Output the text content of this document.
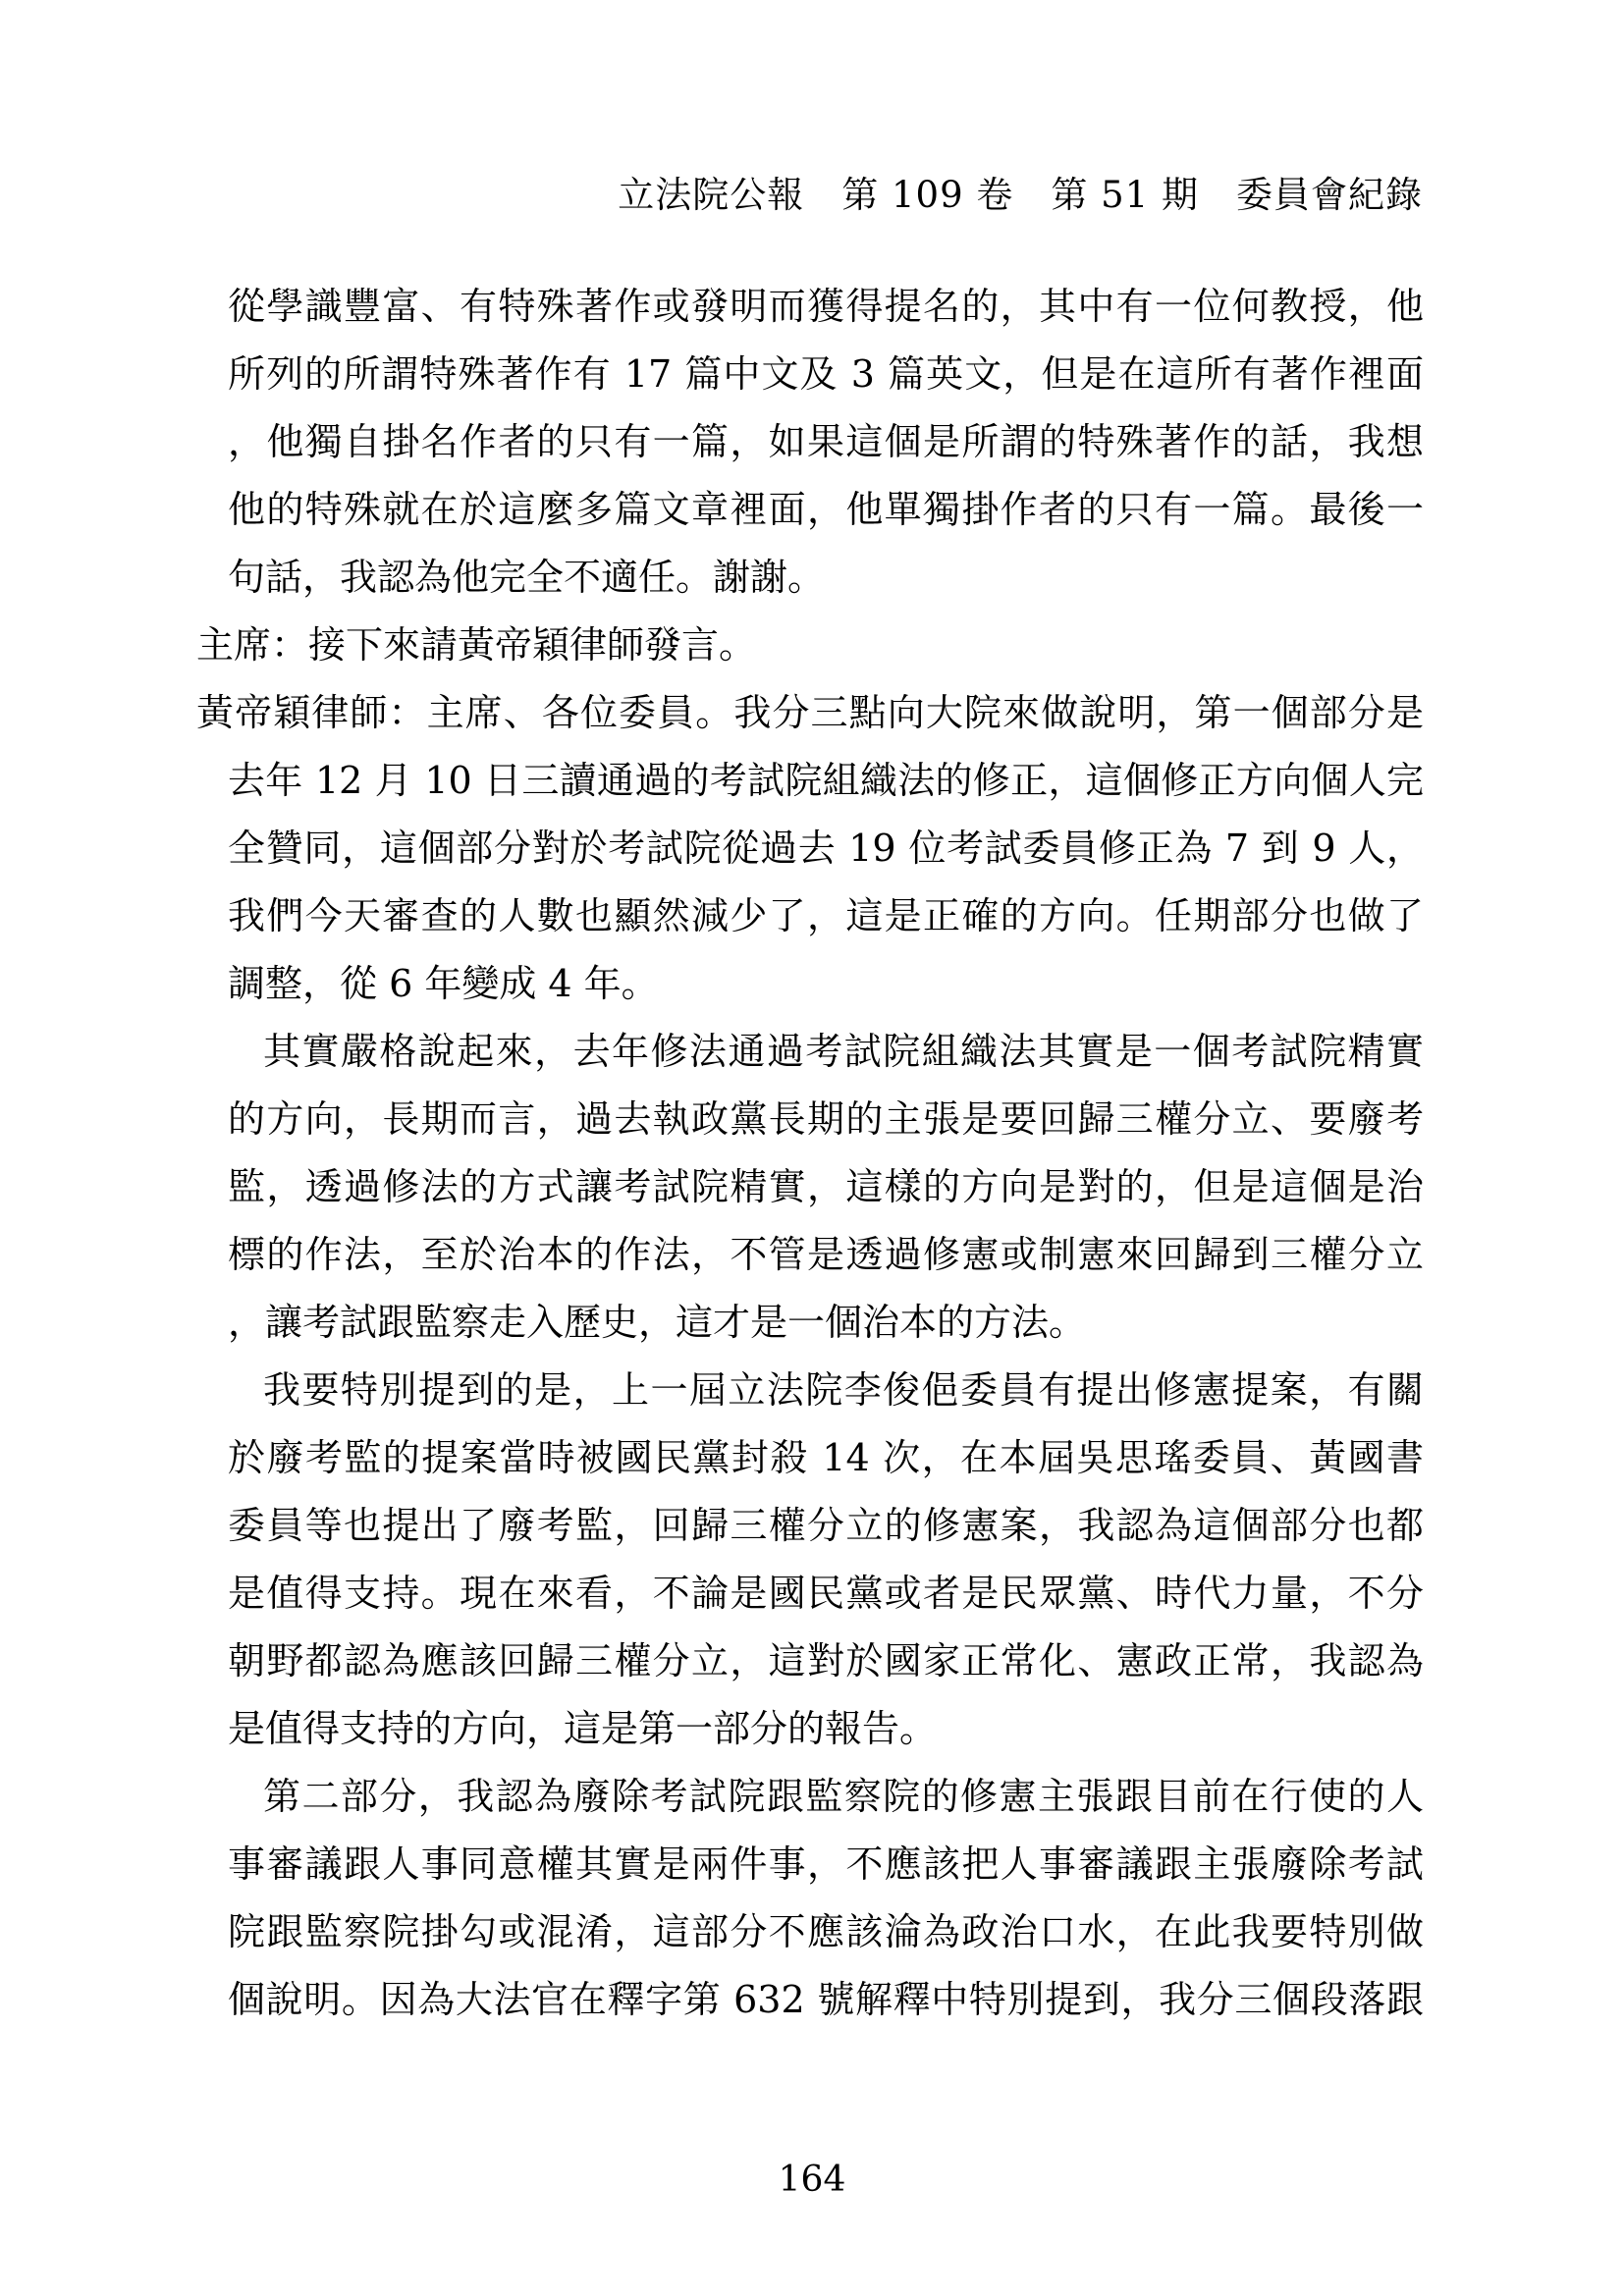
立法院公報　第 109 卷　第 51 期　委員會紀錄
從學識豐富、有特殊著作或發明而獲得提名的，其中有一位何教授，他
所列的所謂特殊著作有 17 篇中文及 3 篇英文，但是在這所有著作裡面
，他獨自掛名作者的只有一篇，如果這個是所謂的特殊著作的話，我想
他的特殊就在於這麼多篇文章裡面，他單獨掛作者的只有一篇。最後一
句話，我認為他完全不適任。謝謝。
主席：接下來請黃帝穎律師發言。
黃帝穎律師：主席、各位委員。我分三點向大院來做說明，第一個部分是
去年 12 月 10 日三讀通過的考試院組織法的修正，這個修正方向個人完
全贊同，這個部分對於考試院從過去 19 位考試委員修正為 7 到 9 人，
我們今天審查的人數也顯然減少了，這是正確的方向。任期部分也做了
調整，從 6 年變成 4 年。
其實嚴格說起來，去年修法通過考試院組織法其實是一個考試院精實
的方向，長期而言，過去執政黨長期的主張是要回歸三權分立、要廢考
監，透過修法的方式讓考試院精實，這樣的方向是對的，但是這個是治
標的作法，至於治本的作法，不管是透過修憲或制憲來回歸到三權分立
，讓考試跟監察走入歷史，這才是一個治本的方法。
我要特別提到的是，上一屆立法院李俊俋委員有提出修憲提案，有關
於廢考監的提案當時被國民黨封殺 14 次，在本屆吳思瑤委員、黃國書
委員等也提出了廢考監，回歸三權分立的修憲案，我認為這個部分也都
是值得支持。現在來看，不論是國民黨或者是民眾黨、時代力量，不分
朝野都認為應該回歸三權分立，這對於國家正常化、憲政正常，我認為
是值得支持的方向，這是第一部分的報告。
第二部分，我認為廢除考試院跟監察院的修憲主張跟目前在行使的人
事審議跟人事同意權其實是兩件事，不應該把人事審議跟主張廢除考試
院跟監察院掛勾或混淆，這部分不應該淪為政治口水，在此我要特別做
個說明。因為大法官在釋字第 632 號解釋中特別提到，我分三個段落跟
164
